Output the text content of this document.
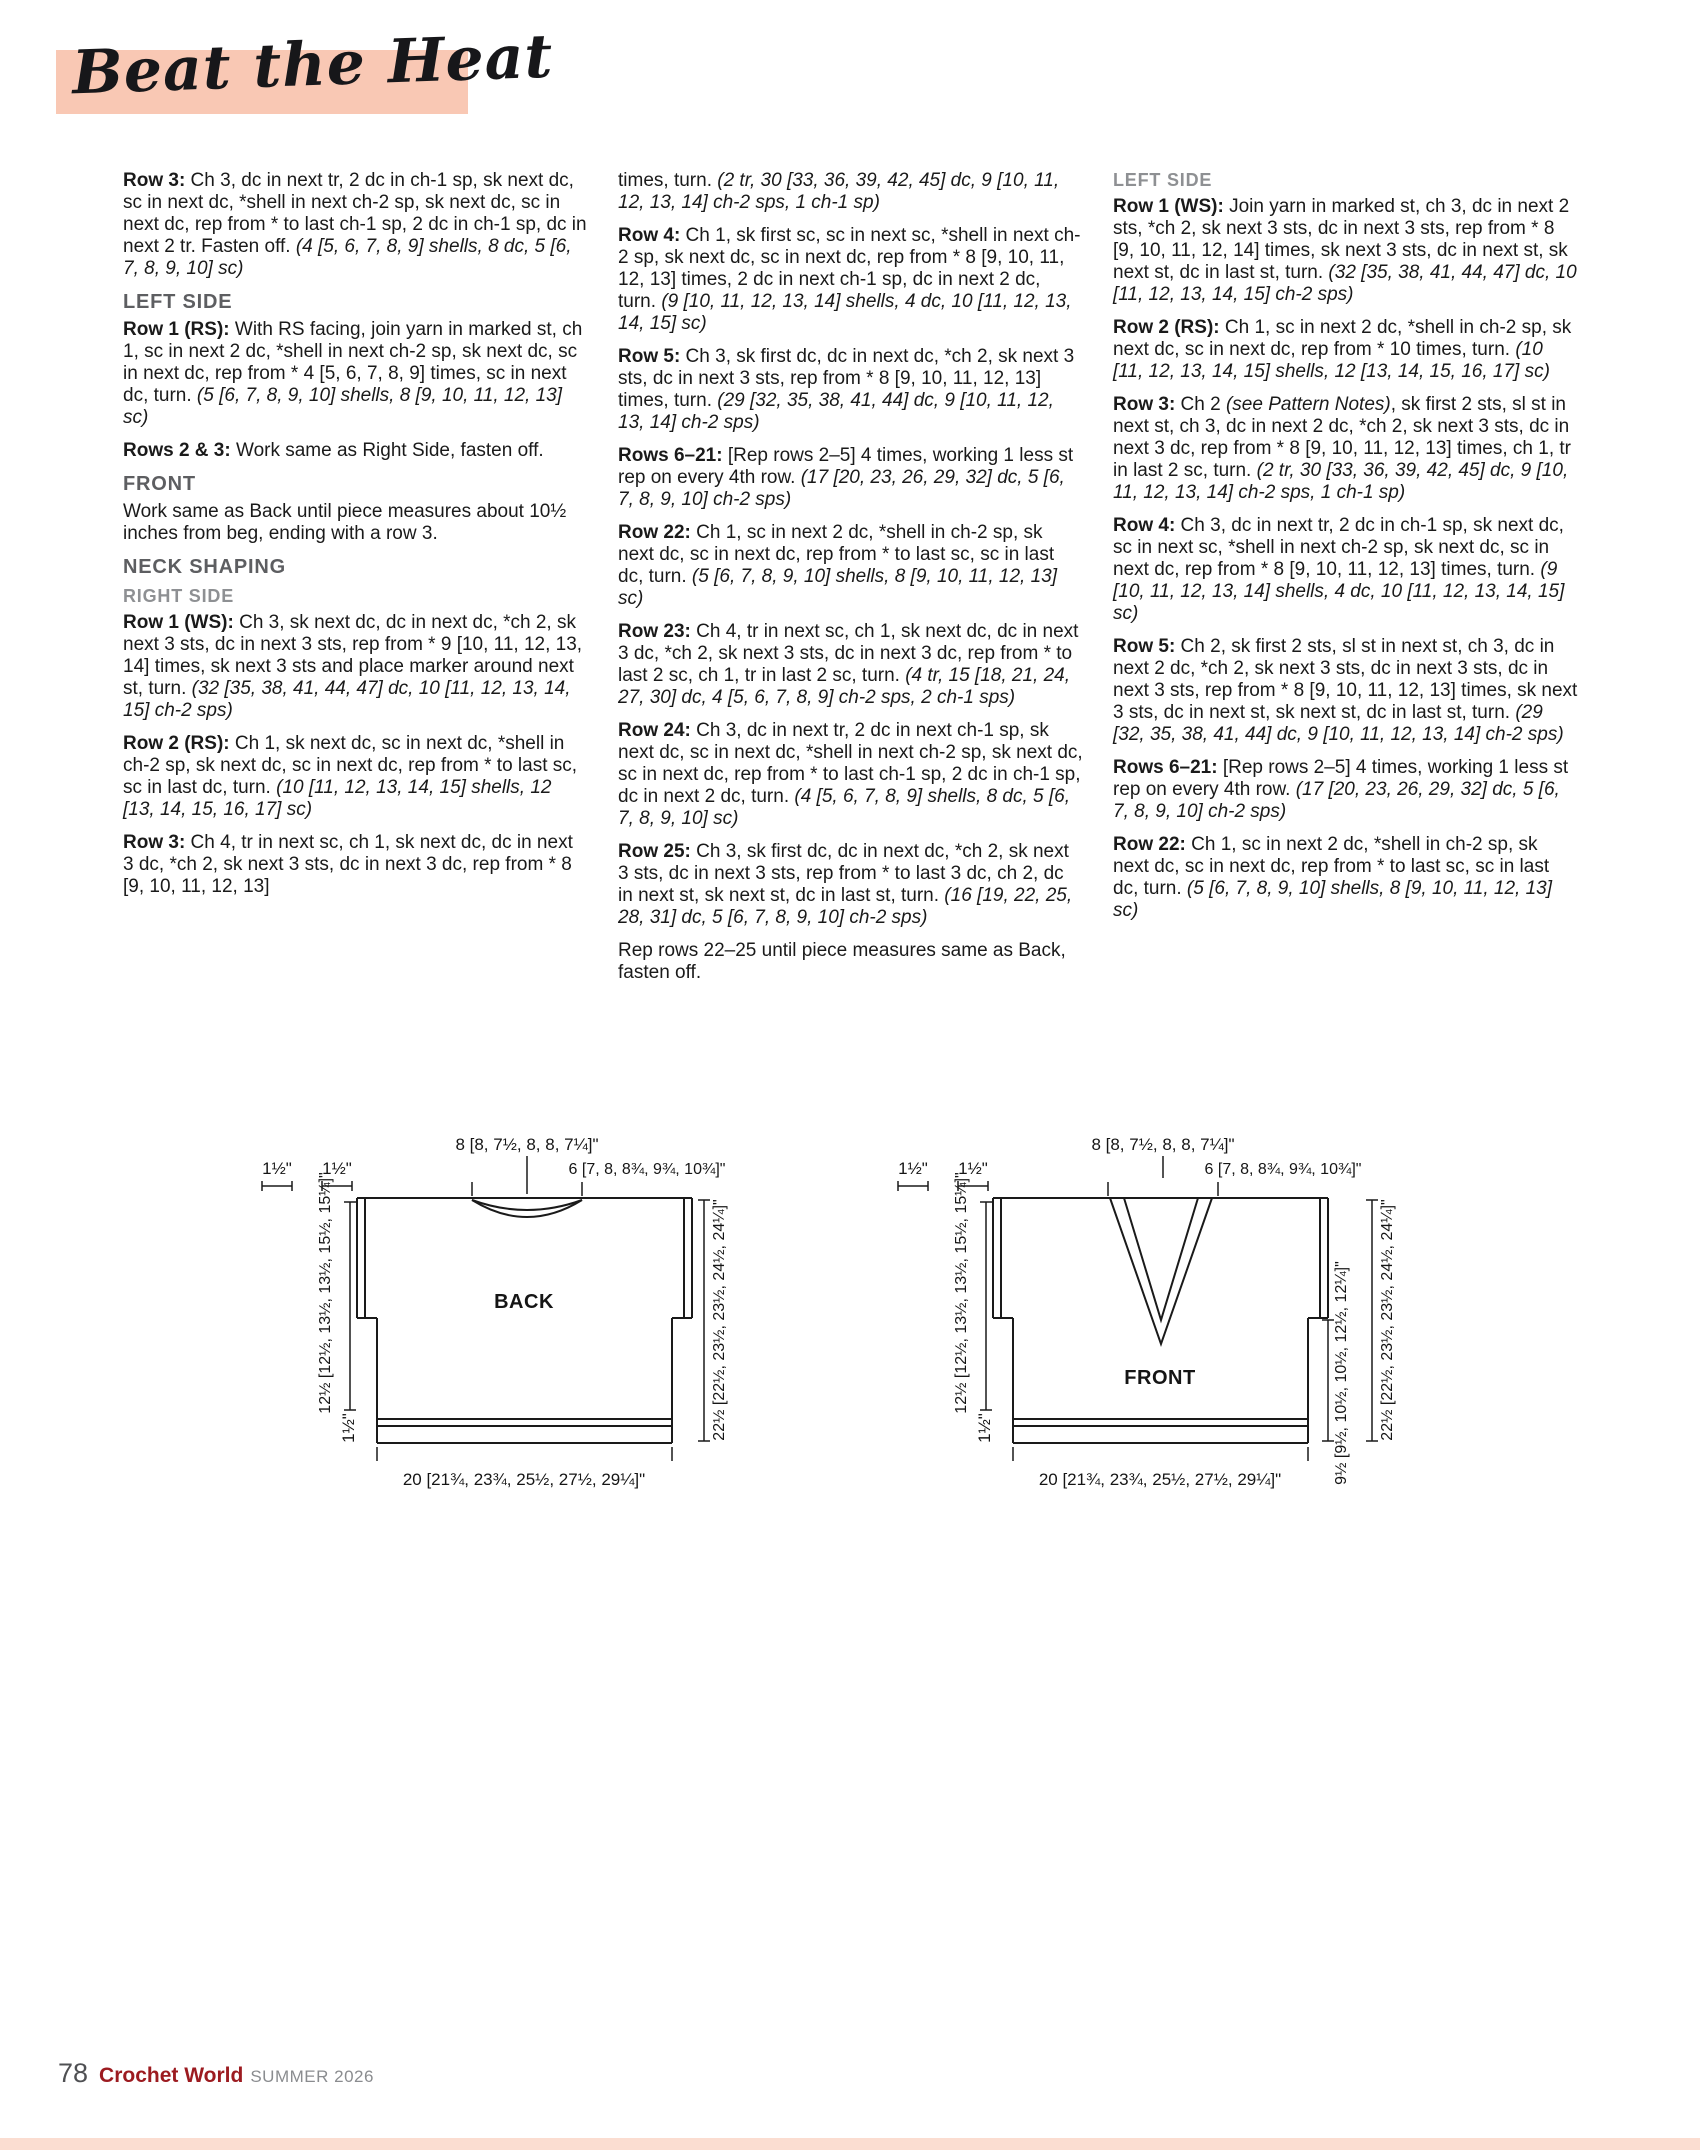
Beat the Heat

Row 3: Ch 3, dc in next tr, 2 dc in ch-1 sp, sk next dc, sc in next dc, *shell in next ch-2 sp, sk next dc, sc in next dc, rep from * to last ch-1 sp, 2 dc in ch-1 sp, dc in next 2 tr. Fasten off. (4 [5, 6, 7, 8, 9] shells, 8 dc, 5 [6, 7, 8, 9, 10] sc)

LEFT SIDE

Row 1 (RS): With RS facing, join yarn in marked st, ch 1, sc in next 2 dc, *shell in next ch-2 sp, sk next dc, sc in next dc, rep from * 4 [5, 6, 7, 8, 9] times, sc in next dc, turn. (5 [6, 7, 8, 9, 10] shells, 8 [9, 10, 11, 12, 13] sc)

Rows 2 & 3: Work same as Right Side, fasten off.

FRONT

Work same as Back until piece measures about 10½ inches from beg, ending with a row 3.

NECK SHAPING
RIGHT SIDE

Row 1 (WS): Ch 3, sk next dc, dc in next dc, *ch 2, sk next 3 sts, dc in next 3 sts, rep from * 9 [10, 11, 12, 13, 14] times, sk next 3 sts and place marker around next st, turn. (32 [35, 38, 41, 44, 47] dc, 10 [11, 12, 13, 14, 15] ch-2 sps)

Row 2 (RS): Ch 1, sk next dc, sc in next dc, *shell in ch-2 sp, sk next dc, sc in next dc, rep from * to last sc, sc in last dc, turn. (10 [11, 12, 13, 14, 15] shells, 12 [13, 14, 15, 16, 17] sc)

Row 3: Ch 4, tr in next sc, ch 1, sk next dc, dc in next 3 dc, *ch 2, sk next 3 sts, dc in next 3 dc, rep from * 8 [9, 10, 11, 12, 13]

times, turn. (2 tr, 30 [33, 36, 39, 42, 45] dc, 9 [10, 11, 12, 13, 14] ch-2 sps, 1 ch-1 sp)

Row 4: Ch 1, sk first sc, sc in next sc, *shell in next ch-2 sp, sk next dc, sc in next dc, rep from * 8 [9, 10, 11, 12, 13] times, 2 dc in next ch-1 sp, dc in next 2 dc, turn. (9 [10, 11, 12, 13, 14] shells, 4 dc, 10 [11, 12, 13, 14, 15] sc)

Row 5: Ch 3, sk first dc, dc in next dc, *ch 2, sk next 3 sts, dc in next 3 sts, rep from * 8 [9, 10, 11, 12, 13] times, turn. (29 [32, 35, 38, 41, 44] dc, 9 [10, 11, 12, 13, 14] ch-2 sps)

Rows 6–21: [Rep rows 2–5] 4 times, working 1 less st rep on every 4th row. (17 [20, 23, 26, 29, 32] dc, 5 [6, 7, 8, 9, 10] ch-2 sps)

Row 22: Ch 1, sc in next 2 dc, *shell in ch-2 sp, sk next dc, sc in next dc, rep from * to last sc, sc in last dc, turn. (5 [6, 7, 8, 9, 10] shells, 8 [9, 10, 11, 12, 13] sc)

Row 23: Ch 4, tr in next sc, ch 1, sk next dc, dc in next 3 dc, *ch 2, sk next 3 sts, dc in next 3 dc, rep from * to last 2 sc, ch 1, tr in last 2 sc, turn. (4 tr, 15 [18, 21, 24, 27, 30] dc, 4 [5, 6, 7, 8, 9] ch-2 sps, 2 ch-1 sps)

Row 24: Ch 3, dc in next tr, 2 dc in next ch-1 sp, sk next dc, sc in next dc, *shell in next ch-2 sp, sk next dc, sc in next dc, rep from * to last ch-1 sp, 2 dc in ch-1 sp, dc in next 2 dc, turn. (4 [5, 6, 7, 8, 9] shells, 8 dc, 5 [6, 7, 8, 9, 10] sc)

Row 25: Ch 3, sk first dc, dc in next dc, *ch 2, sk next 3 sts, dc in next 3 sts, rep from * to last 3 dc, ch 2, dc in next st, sk next st, dc in last st, turn. (16 [19, 22, 25, 28, 31] dc, 5 [6, 7, 8, 9, 10] ch-2 sps)

Rep rows 22–25 until piece measures same as Back, fasten off.

LEFT SIDE

Row 1 (WS): Join yarn in marked st, ch 3, dc in next 2 sts, *ch 2, sk next 3 sts, dc in next 3 sts, rep from * 8 [9, 10, 11, 12, 14] times, sk next 3 sts, dc in next st, sk next st, dc in last st, turn. (32 [35, 38, 41, 44, 47] dc, 10 [11, 12, 13, 14, 15] ch-2 sps)

Row 2 (RS): Ch 1, sc in next 2 dc, *shell in ch-2 sp, sk next dc, sc in next dc, rep from * 10 times, turn. (10 [11, 12, 13, 14, 15] shells, 12 [13, 14, 15, 16, 17] sc)

Row 3: Ch 2 (see Pattern Notes), sk first 2 sts, sl st in next st, ch 3, dc in next 2 dc, *ch 2, sk next 3 sts, dc in next 3 dc, rep from * 8 [9, 10, 11, 12, 13] times, ch 1, tr in last 2 sc, turn. (2 tr, 30 [33, 36, 39, 42, 45] dc, 9 [10, 11, 12, 13, 14] ch-2 sps, 1 ch-1 sp)

Row 4: Ch 3, dc in next tr, 2 dc in ch-1 sp, sk next dc, sc in next sc, *shell in next ch-2 sp, sk next dc, sc in next dc, rep from * 8 [9, 10, 11, 12, 13] times, turn. (9 [10, 11, 12, 13, 14] shells, 4 dc, 10 [11, 12, 13, 14, 15] sc)

Row 5: Ch 2, sk first 2 sts, sl st in next st, ch 3, dc in next 2 dc, *ch 2, sk next 3 sts, dc in next 3 sts, dc in next 3 sts, rep from * 8 [9, 10, 11, 12, 13] times, sk next 3 sts, dc in next st, sk next st, dc in last st, turn. (29 [32, 35, 38, 41, 44] dc, 9 [10, 11, 12, 13, 14] ch-2 sps)

Rows 6–21: [Rep rows 2–5] 4 times, working 1 less st rep on every 4th row. (17 [20, 23, 26, 29, 32] dc, 5 [6, 7, 8, 9, 10] ch-2 sps)

Row 22: Ch 1, sc in next 2 dc, *shell in ch-2 sp, sk next dc, sc in next dc, rep from * to last sc, sc in last dc, turn. (5 [6, 7, 8, 9, 10] shells, 8 [9, 10, 11, 12, 13] sc)

8 [8, 7½, 8, 8, 7¼]"
1½" 1½"	6 [7, 8, 8¾, 9¾, 10¾]"
12½ [12½, 13½, 13½, 15½, 15¼]"
1½"	22½ [22½, 23½, 23½, 24½, 24¼]"
20 [21¾, 23¾, 25½, 27½, 29¼]"
BACK
8 [8, 7½, 8, 8, 7¼]"
1½" 1½"	6 [7, 8, 8¾, 9¾, 10¾]"
12½ [12½, 13½, 13½, 15½, 15¼]"
1½"	9½ [9½, 10½, 10½, 12½, 12¼]" 22½ [22½, 23½, 23½, 24½, 24¼]"
20 [21¾, 23¾, 25½, 27½, 29¼]"
FRONT
78 Crochet World SUMMER 2026
